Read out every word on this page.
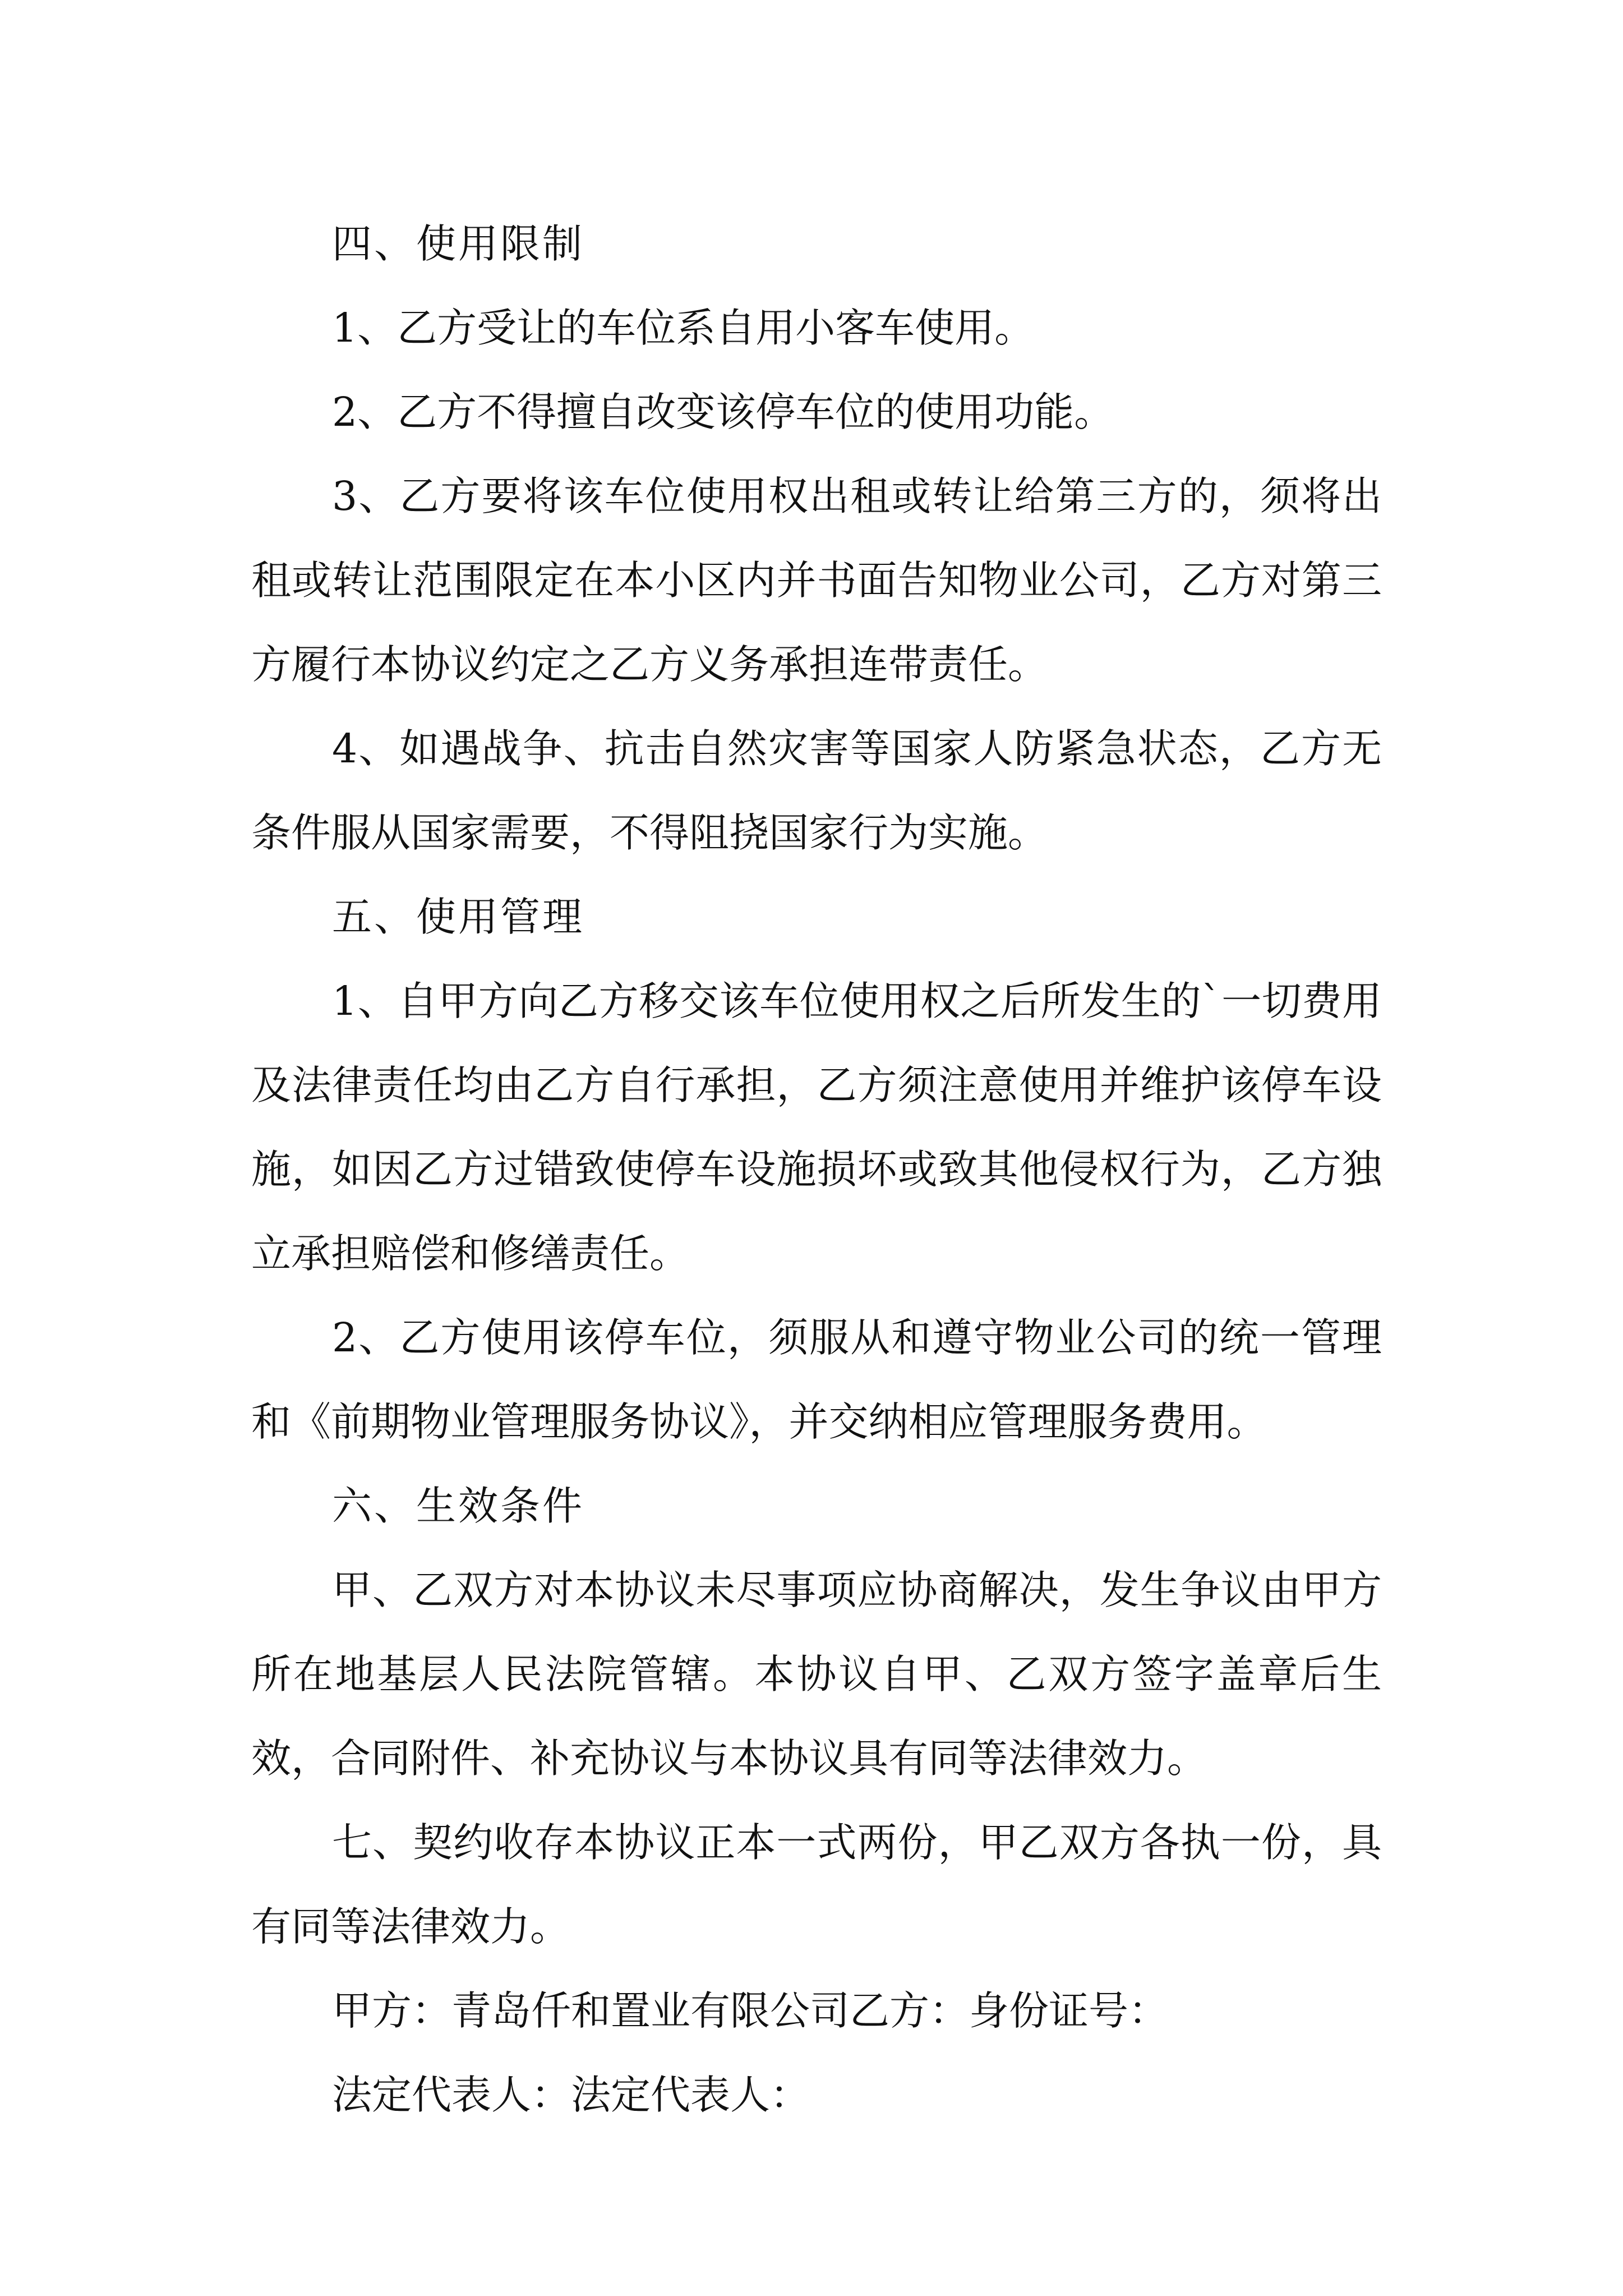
四、使用限制

1、乙方受让的车位系自用小客车使用。

2、乙方不得擅自改变该停车位的使用功能。

3、乙方要将该车位使用权出租或转让给第三方的，须将出租或转让范围限定在本小区内并书面告知物业公司，乙方对第三方履行本协议约定之乙方义务承担连带责任。

4、如遇战争、抗击自然灾害等国家人防紧急状态，乙方无条件服从国家需要，不得阻挠国家行为实施。

五、使用管理

1、自甲方向乙方移交该车位使用权之后所发生的`一切费用及法律责任均由乙方自行承担，乙方须注意使用并维护该停车设施，如因乙方过错致使停车设施损坏或致其他侵权行为，乙方独立承担赔偿和修缮责任。

2、乙方使用该停车位，须服从和遵守物业公司的统一管理和《前期物业管理服务协议》，并交纳相应管理服务费用。

六、生效条件

甲、乙双方对本协议未尽事项应协商解决，发生争议由甲方所在地基层人民法院管辖。本协议自甲、乙双方签字盖章后生效，合同附件、补充协议与本协议具有同等法律效力。

七、契约收存本协议正本一式两份，甲乙双方各执一份，具有同等法律效力。

甲方：青岛仟和置业有限公司乙方：身份证号：

法定代表人：法定代表人：
